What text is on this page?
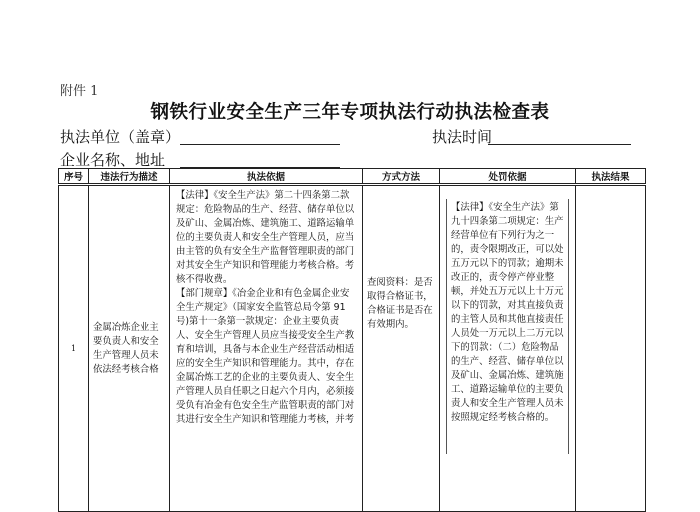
附件 1
钢铁行业安全生产三年专项执法行动执法检查表
执法单位（盖章）	执法时间
企业名称、地址
序号	违法行为描述	执法依据	方式方法	处罚依据	执法结果
1	金属冶炼企业主要负责人和安全生产管理人员未依法经考核合格	【法律】《安全生产法》第二十四条第二款规定：危险物品的生产、经营、储存单位以及矿山、金属冶炼、建筑施工、道路运输单位的主要负责人和安全生产管理人员，应当由主管的负有安全生产监督管理职责的部门对其安全生产知识和管理能力考核合格。考核不得收费。

【部门规章】《冶金企业和有色金属企业安全生产规定》（国家安全监管总局令第 91 号)第十一条第一款规定：企业主要负责人、安全生产管理人员应当接受安全生产教育和培训，具备与本企业生产经营活动相适应的安全生产知识和管理能力。其中，存在金属冶炼工艺的企业的主要负责人、安全生产管理人员自任职之日起六个月内，必须接受负有冶金有色安全生产监管职责的部门对其进行安全生产知识和管理能力考核，并考	查阅资料：是否取得合格证书，合格证书是否在有效期内。	【法律】《安全生产法》第九十四条第二项规定：生产经营单位有下列行为之一的，责令限期改正，可以处五万元以下的罚款；逾期未改正的，责令停产停业整顿，并处五万元以上十万元以下的罚款，对其直接负责的主管人员和其他直接责任人员处一万元以上二万元以下的罚款：（二）危险物品的生产、经营、储存单位以及矿山、金属冶炼、建筑施工、道路运输单位的主要负责人和安全生产管理人员未按照规定经考核合格的。	
